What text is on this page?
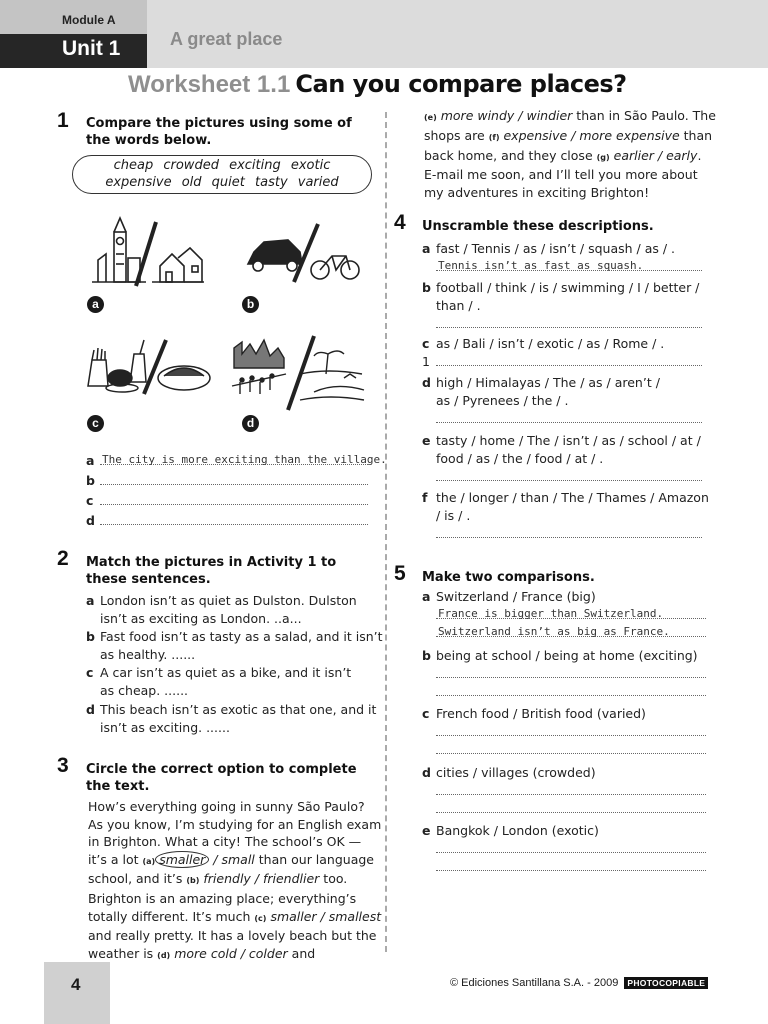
Module A
Unit 1	A great place
Worksheet 1.1 Can you compare places?
1 Compare the pictures using some of the words below.
cheap crowded exciting exotic
expensive old quiet tasty varied
a	b
c	d
a The city is more exciting than the village.
b
c
d
2 Match the pictures in Activity 1 to these sentences.
a London isn’t as quiet as Dulston. Dulston
isn’t as exciting as London. ..a...
b Fast food isn’t as tasty as a salad, and it isn’t
as healthy. ......
c A car isn’t as quiet as a bike, and it isn’t
as cheap. ......
d This beach isn’t as exotic as that one, and it
isn’t as exciting. ......
3 Circle the correct option to complete the text.
How’s everything going in sunny São Paulo?
As you know, I’m studying for an English exam
in Brighton. What a city! The school’s OK —
it’s a lot (a) smaller / small than our language
school, and it’s (b) friendly / friendlier too.
Brighton is an amazing place; everything’s
totally different. It’s much (c) smaller / smallest
and really pretty. It has a lovely beach but the
weather is (d) more cold / colder and
(e) more windy / windier than in São Paulo. The
shops are (f) expensive / more expensive than
back home, and they close (g) earlier / early.
E-mail me soon, and I’ll tell you more about
my adventures in exciting Brighton!
4 Unscramble these descriptions.
a fast / Tennis / as / isn’t / squash / as / .
Tennis isn’t as fast as squash.
b football / think / is / swimming / I / better /
than / .
c as / Bali / isn’t / exotic / as / Rome / .
1
d high / Himalayas / The / as / aren’t /
as / Pyrenees / the / .
e tasty / home / The / isn’t / as / school / at /
food / as / the / food / at / .
f the / longer / than / The / Thames / Amazon
/ is / .
5 Make two comparisons.
a Switzerland / France (big)
France is bigger than Switzerland.
Switzerland isn’t as big as France.
b being at school / being at home (exciting)
c French food / British food (varied)
d cities / villages (crowded)
e Bangkok / London (exotic)
4	© Ediciones Santillana S.A. - 2009 PHOTOCOPIABLE
